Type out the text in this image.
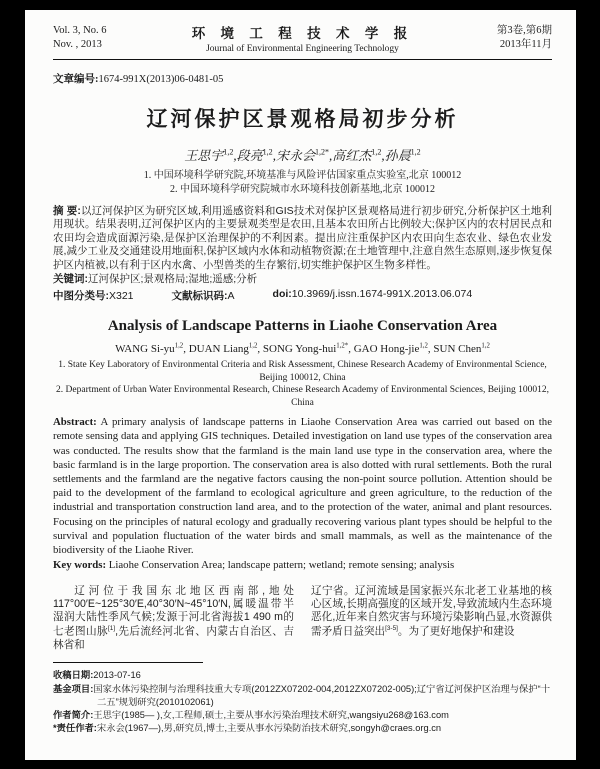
Vol. 3, No. 6
Nov. , 2013
环 境 工 程 技 术 学 报
Journal of Environmental Engineering Technology
第3卷,第6期
2013年11月
文章编号:1674-991X(2013)06-0481-05
辽河保护区景观格局初步分析
王思宇$^{1,2}$,段亮$^{1,2}$,宋永会$^{1,2*}$,高红杰$^{1,2}$,孙晨$^{1,2}$
1. 中国环境科学研究院,环境基准与风险评估国家重点实验室,北京 100012
2. 中国环境科学研究院城市水环境科技创新基地,北京 100012

摘 要:以辽河保护区为研究区域,利用遥感资料和GIS技术对保护区景观格局进行初步研究,分析保护区土地利用现状。结果表明,辽河保护区内的主要景观类型是农田,且基本农田所占比例较大;保护区内的农村居民点和农田均会造成面源污染,是保护区治理保护的不利因素。提出应注重保护区内农田向生态农业、绿色农业发展,减少工业及交通建设用地面积,保护区域内水体和动植物资源;在土地管理中,注意自然生态原则,逐步恢复保护区内植被,以有利于区内水禽、小型兽类的生存繁衍,切实维护保护区生物多样性。

关键词:辽河保护区;景观格局;湿地;遥感;分析

中图分类号:X321	文献标识码:A	doi:10.3969/j.issn.1674-991X.2013.06.074
Analysis of Landscape Patterns in Liaohe Conservation Area
WANG Si-yu$^{1,2}$, DUAN Liang$^{1,2}$, SONG Yong-hui$^{1,2*}$, GAO Hong-jie$^{1,2}$, SUN Chen$^{1,2}$
1. State Key Laboratory of Environmental Criteria and Risk Assessment, Chinese Research Academy of Environmental Science, Beijing 100012, China
2. Department of Urban Water Environmental Research, Chinese Research Academy of Environmental Sciences, Beijing 100012, China

Abstract: A primary analysis of landscape patterns in Liaohe Conservation Area was carried out based on the remote sensing data and applying GIS techniques. Detailed investigation on land use types of the conservation area was conducted. The results show that the farmland is the main land use type in the conservation area, where the basic farmland is in the large proportion. The conservation area is also dotted with rural settlements. Both the rural settlements and the farmland are the negative factors causing the non-point source pollution. Attention should be paid to the development of the farmland to ecological agriculture and green agriculture, to the reduction of the industrial and transportation construction land area, and to the protection of the water, animal and plant resources. Focusing on the principles of natural ecology and gradually recovering various plant types should be helpful to the survival and population fluctuation of the water birds and small mammals, as well as the maintenance of the biodiversity of the Liaohe River.

Key words: Liaohe Conservation Area; landscape pattern; wetland; remote sensing; analysis

辽河位于我国东北地区西南部,地处117°00′E~125°30′E,40°30′N~45°10′N,属暖温带半湿润大陆性季风气候;发源于河北省海拔1 490 m的七老图山脉[1],先后流经河北省、内蒙古自治区、吉林省和

辽宁省。辽河流域是国家振兴东北老工业基地的核心区域,长期高强度的区域开发,导致流域内生态环境恶化,近年来自然灾害与环境污染影响凸显,水资源供需矛盾日益突出[3-5]。为了更好地保护和建设

收稿日期:2013-07-16
基金项目:国家水体污染控制与治理科技重大专项(2012ZX07202-004,2012ZX07202-005);辽宁省辽河保护区治理与保护“十二五”规划研究(2010102061)
作者简介:王思宇(1985— ),女,工程师,硕士,主要从事水污染治理技术研究,wangsiyu268@163.com
*责任作者:宋永会(1967—),男,研究员,博士,主要从事水污染防治技术研究,songyh@craes.org.cn
